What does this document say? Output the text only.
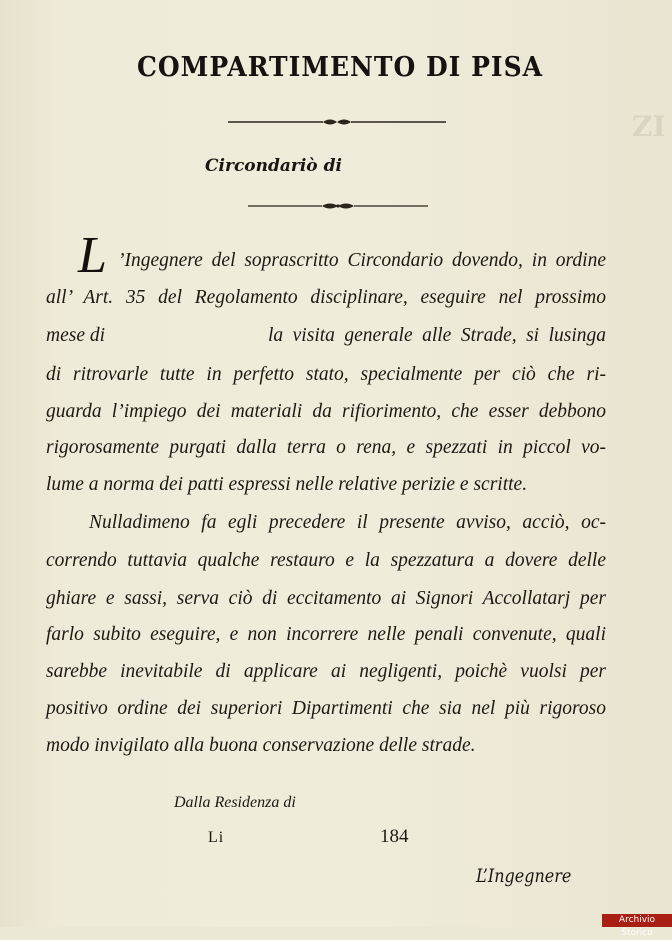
ZI
COMPARTIMENTO DI PISA
Circondariò di
L ’Ingegnere del soprascritto Circondario dovendo, in ordine
all’ Art. 35 del Regolamento disciplinare, eseguire nel prossimo
mese di	la visita generale alle Strade, si lusinga
di ritrovarle tutte in perfetto stato, specialmente per ciò che ri-
guarda l’impiego dei materiali da rifiorimento, che esser debbono
rigorosamente purgati dalla terra o rena, e spezzati in piccol vo-
lume a norma dei patti espressi nelle relative perizie e scritte.
Nulladimeno fa egli precedere il presente avviso, acciò, oc-
correndo tuttavia qualche restauro e la spezzatura a dovere delle
ghiare e sassi, serva ciò di eccitamento ai Signori Accollatarj per
farlo subito eseguire, e non incorrere nelle penali convenute, quali
sarebbe inevitabile di applicare ai negligenti, poichè vuolsi per
positivo ordine dei superiori Dipartimenti che sia nel più rigoroso
modo invigilato alla buona conservazione delle strade.
Dalla Residenza di
Li	184
L’Ingegnere
Archivio Storico
